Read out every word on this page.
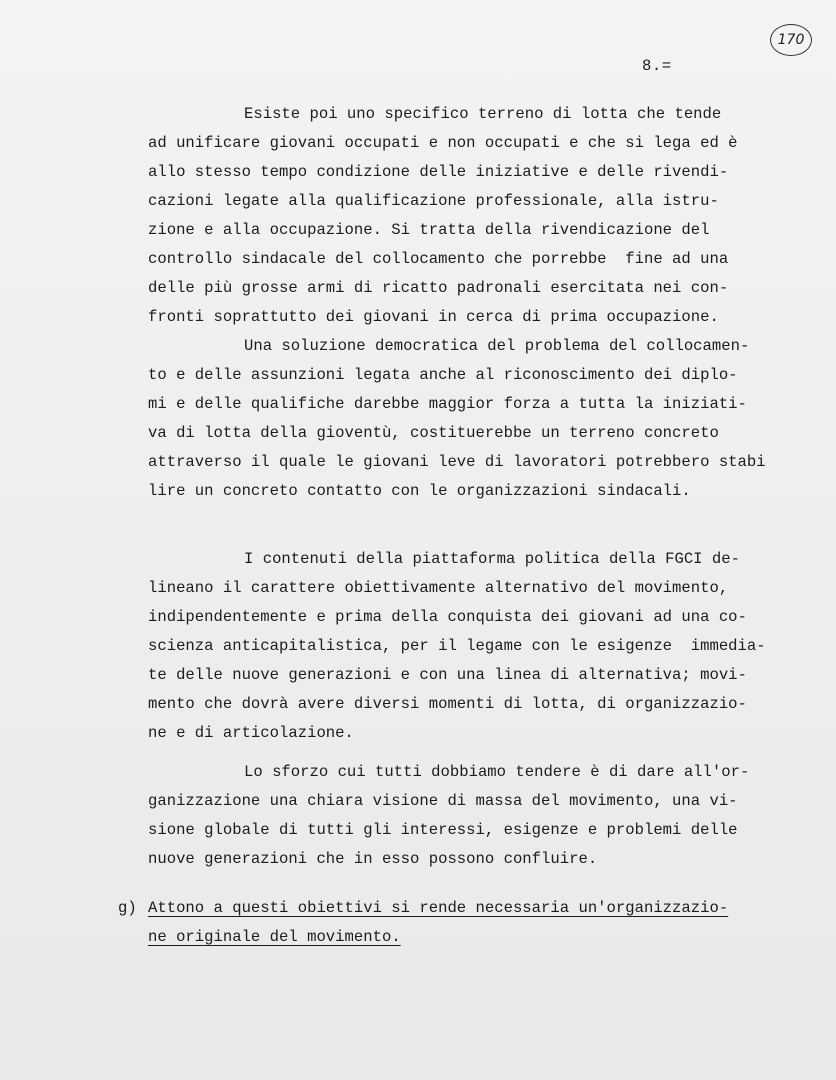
170
8.=
Esiste poi uno specifico terreno di lotta che tende
ad unificare giovani occupati e non occupati e che si lega ed è
allo stesso tempo condizione delle iniziative e delle rivendi-
cazioni legate alla qualificazione professionale, alla istru-
zione e alla occupazione. Si tratta della rivendicazione del
controllo sindacale del collocamento che porrebbe  fine ad una
delle più grosse armi di ricatto padronali esercitata nei con-
fronti soprattutto dei giovani in cerca di prima occupazione.
Una soluzione democratica del problema del collocamen-
to e delle assunzioni legata anche al riconoscimento dei diplo-
mi e delle qualifiche darebbe maggior forza a tutta la iniziati-
va di lotta della gioventù, costituerebbe un terreno concreto
attraverso il quale le giovani leve di lavoratori potrebbero stabi
lire un concreto contatto con le organizzazioni sindacali.
I contenuti della piattaforma politica della FGCI de-
lineano il carattere obiettivamente alternativo del movimento,
indipendentemente e prima della conquista dei giovani ad una co-
scienza anticapitalistica, per il legame con le esigenze  immedia-
te delle nuove generazioni e con una linea di alternativa; movi-
mento che dovrà avere diversi momenti di lotta, di organizzazio-
ne e di articolazione.
Lo sforzo cui tutti dobbiamo tendere è di dare all'or-
ganizzazione una chiara visione di massa del movimento, una vi-
sione globale di tutti gli interessi, esigenze e problemi delle
nuove generazioni che in esso possono confluire.
g) Attono a questi obiettivi si rende necessaria un'organizzazio-
ne originale del movimento.
